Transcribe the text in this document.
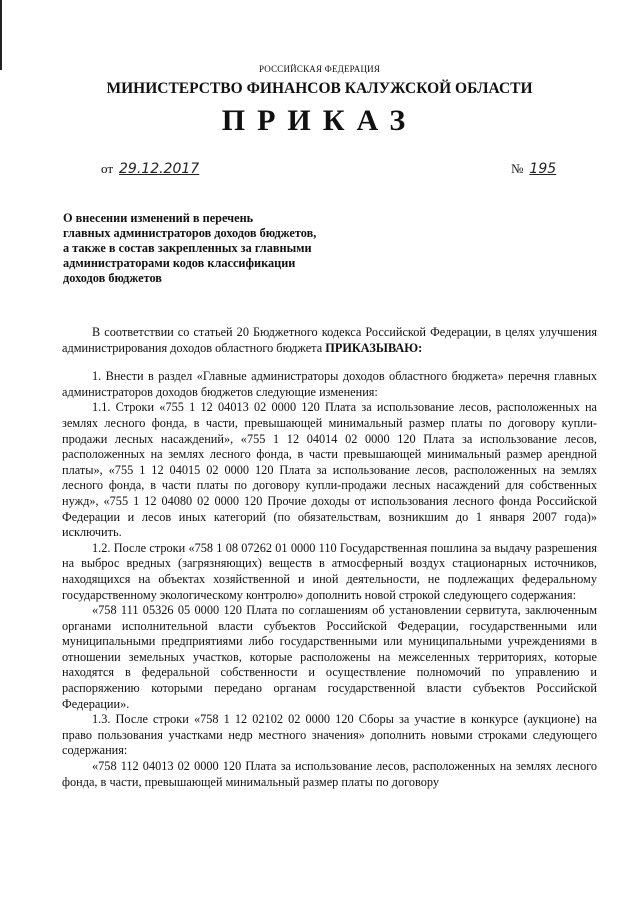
РОССИЙСКАЯ ФЕДЕРАЦИЯ
МИНИСТЕРСТВО ФИНАНСОВ КАЛУЖСКОЙ ОБЛАСТИ
ПРИКАЗ
от 29.12.2017	№ 195
О внесении изменений в перечень
главных администраторов доходов бюджетов,
а также в состав закрепленных за главными
администраторами кодов классификации
доходов бюджетов

В соответствии со статьей 20 Бюджетного кодекса Российской Федерации, в целях улучшения администрирования доходов областного бюджета ПРИКАЗЫВАЮ:

1. Внести в раздел «Главные администраторы доходов областного бюджета» перечня главных администраторов доходов бюджетов следующие изменения:

1.1. Строки «755 1 12 04013 02 0000 120 Плата за использование лесов, расположенных на землях лесного фонда, в части, превышающей минимальный размер платы по договору купли-продажи лесных насаждений», «755 1 12 04014 02 0000 120 Плата за использование лесов, расположенных на землях лесного фонда, в части превышающей минимальный размер арендной платы», «755 1 12 04015 02 0000 120 Плата за использование лесов, расположенных на землях лесного фонда, в части платы по договору купли-продажи лесных насаждений для собственных нужд», «755 1 12 04080 02 0000 120 Прочие доходы от использования лесного фонда Российской Федерации и лесов иных категорий (по обязательствам, возникшим до 1 января 2007 года)» исключить.

1.2. После строки «758 1 08 07262 01 0000 110 Государственная пошлина за выдачу разрешения на выброс вредных (загрязняющих) веществ в атмосферный воздух стационарных источников, находящихся на объектах хозяйственной и иной деятельности, не подлежащих федеральному государственному экологическому контролю» дополнить новой строкой следующего содержания:

«758 111 05326 05 0000 120 Плата по соглашениям об установлении сервитута, заключенным органами исполнительной власти субъектов Российской Федерации, государственными или муниципальными предприятиями либо государственными или муниципальными учреждениями в отношении земельных участков, которые расположены на межселенных территориях, которые находятся в федеральной собственности и осуществление полномочий по управлению и распоряжению которыми передано органам государственной власти субъектов Российской Федерации».

1.3. После строки «758 1 12 02102 02 0000 120 Сборы за участие в конкурсе (аукционе) на право пользования участками недр местного значения» дополнить новыми строками следующего содержания:

«758 112 04013 02 0000 120 Плата за использование лесов, расположенных на землях лесного фонда, в части, превышающей минимальный размер платы по договору
